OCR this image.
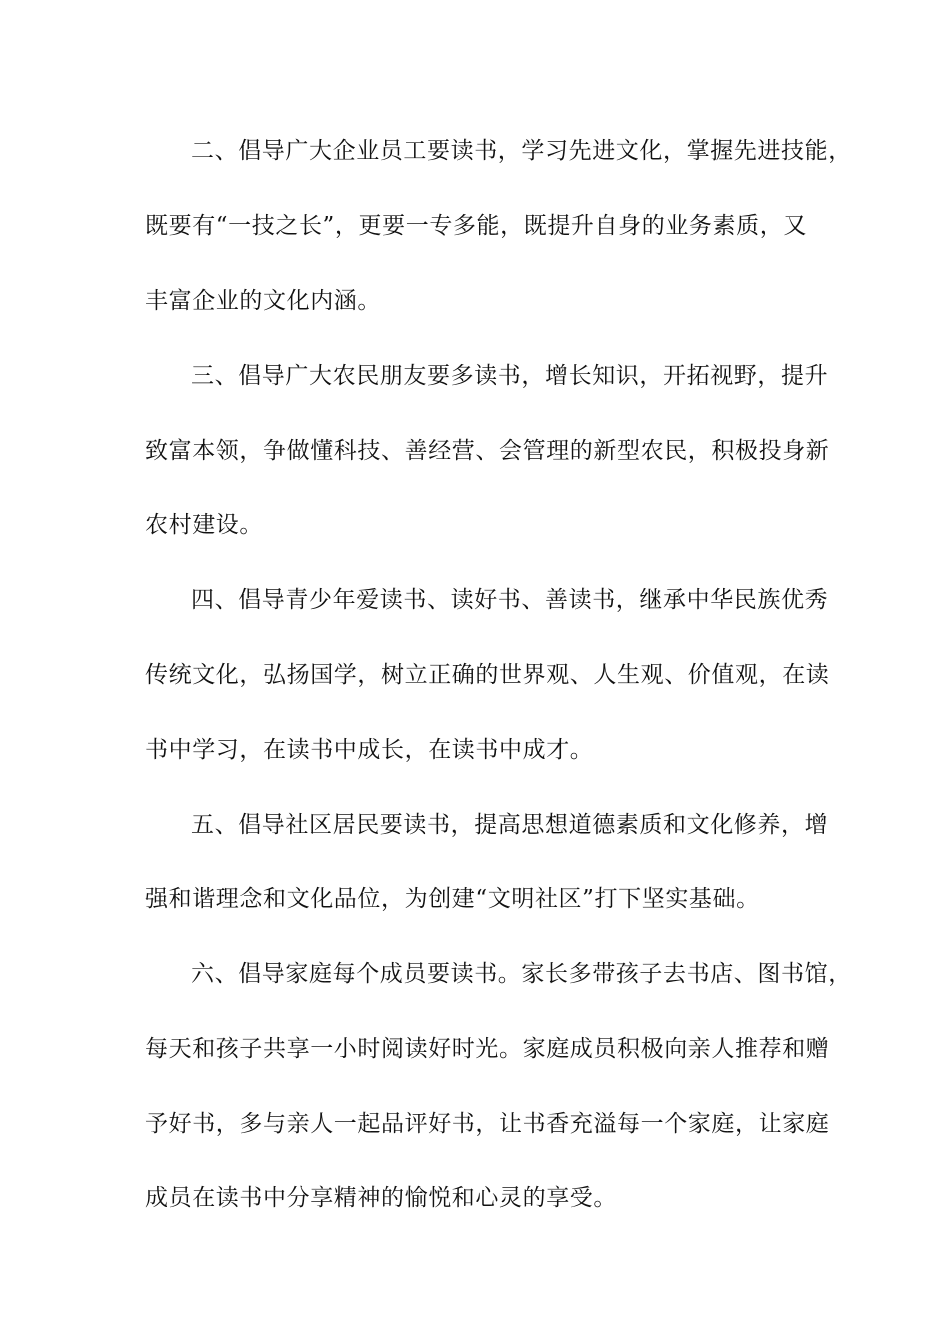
二、倡导广大企业员工要读书，学习先进文化，掌握先进技能，
既要有“一技之长”，更要一专多能，既提升自身的业务素质，又
丰富企业的文化内涵。
三、倡导广大农民朋友要多读书，增长知识，开拓视野，提升
致富本领，争做懂科技、善经营、会管理的新型农民，积极投身新
农村建设。
四、倡导青少年爱读书、读好书、善读书，继承中华民族优秀
传统文化，弘扬国学，树立正确的世界观、人生观、价值观，在读
书中学习，在读书中成长，在读书中成才。
五、倡导社区居民要读书，提高思想道德素质和文化修养，增
强和谐理念和文化品位，为创建“文明社区”打下坚实基础。
六、倡导家庭每个成员要读书。家长多带孩子去书店、图书馆，
每天和孩子共享一小时阅读好时光。家庭成员积极向亲人推荐和赠
予好书，多与亲人一起品评好书，让书香充溢每一个家庭，让家庭
成员在读书中分享精神的愉悦和心灵的享受。
